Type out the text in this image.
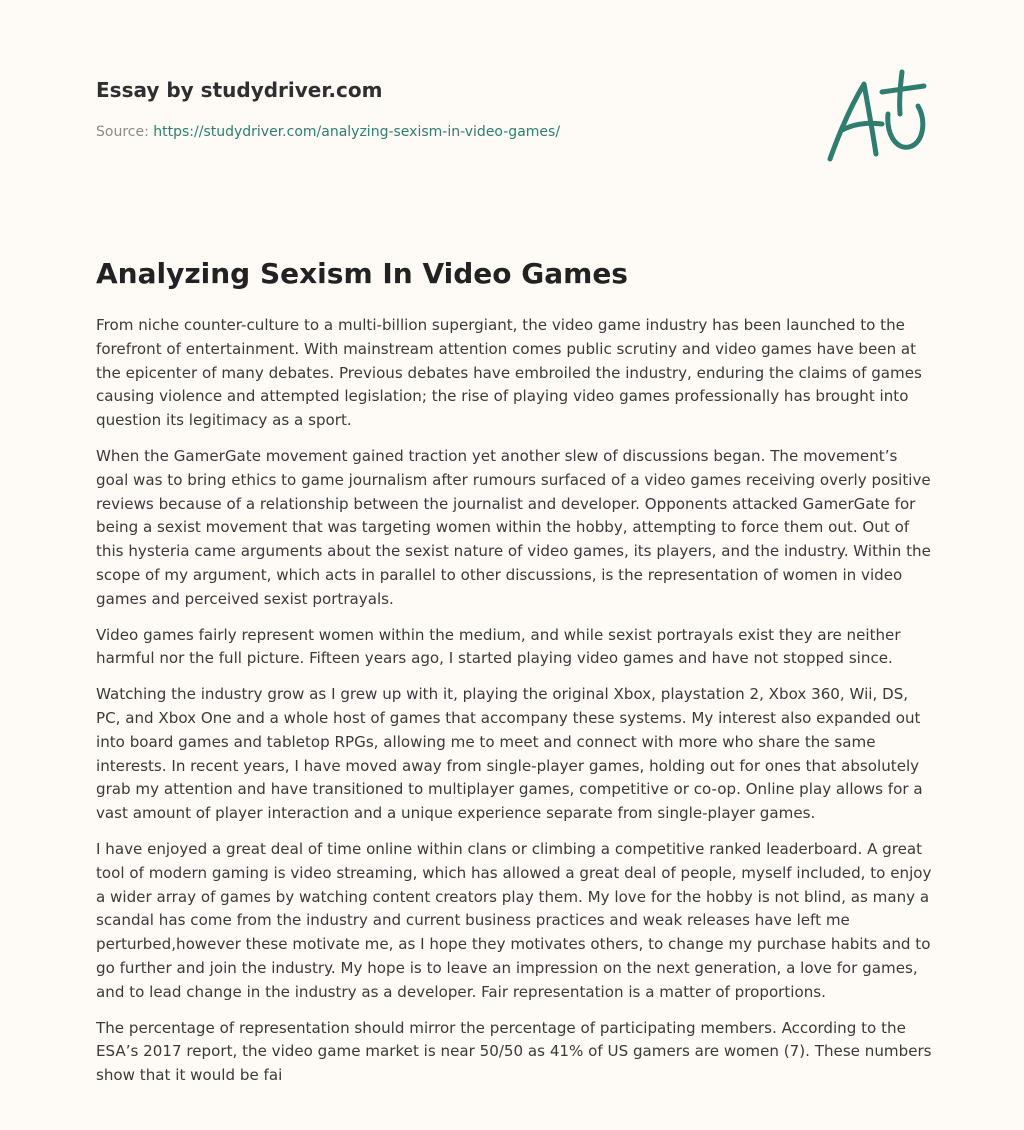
Essay by studydriver.com
Source: https://studydriver.com/analyzing-sexism-in-video-games/
Analyzing Sexism In Video Games

From niche counter-culture to a multi-billion supergiant, the video game industry has been launched to the forefront of entertainment. With mainstream attention comes public scrutiny and video games have been at the epicenter of many debates. Previous debates have embroiled the industry, enduring the claims of games causing violence and attempted legislation; the rise of playing video games professionally has brought into question its legitimacy as a sport.

When the GamerGate movement gained traction yet another slew of discussions began. The movement’s goal was to bring ethics to game journalism after rumours surfaced of a video games receiving overly positive reviews because of a relationship between the journalist and developer. Opponents attacked GamerGate for being a sexist movement that was targeting women within the hobby, attempting to force them out. Out of this hysteria came arguments about the sexist nature of video games, its players, and the industry. Within the scope of my argument, which acts in parallel to other discussions, is the representation of women in video games and perceived sexist portrayals.

Video games fairly represent women within the medium, and while sexist portrayals exist they are neither harmful nor the full picture. Fifteen years ago, I started playing video games and have not stopped since.

Watching the industry grow as I grew up with it, playing the original Xbox, playstation 2, Xbox 360, Wii, DS, PC, and Xbox One and a whole host of games that accompany these systems. My interest also expanded out into board games and tabletop RPGs, allowing me to meet and connect with more who share the same interests. In recent years, I have moved away from single-player games, holding out for ones that absolutely grab my attention and have transitioned to multiplayer games, competitive or co-op. Online play allows for a vast amount of player interaction and a unique experience separate from single-player games.

I have enjoyed a great deal of time online within clans or climbing a competitive ranked leaderboard. A great tool of modern gaming is video streaming, which has allowed a great deal of people, myself included, to enjoy a wider array of games by watching content creators play them. My love for the hobby is not blind, as many a scandal has come from the industry and current business practices and weak releases have left me perturbed,however these motivate me, as I hope they motivates others, to change my purchase habits and to go further and join the industry. My hope is to leave an impression on the next generation, a love for games, and to lead change in the industry as a developer. Fair representation is a matter of proportions.

The percentage of representation should mirror the percentage of participating members. According to the ESA’s 2017 report, the video game market is near 50/50 as 41% of US gamers are women (7). These numbers show that it would be fai
